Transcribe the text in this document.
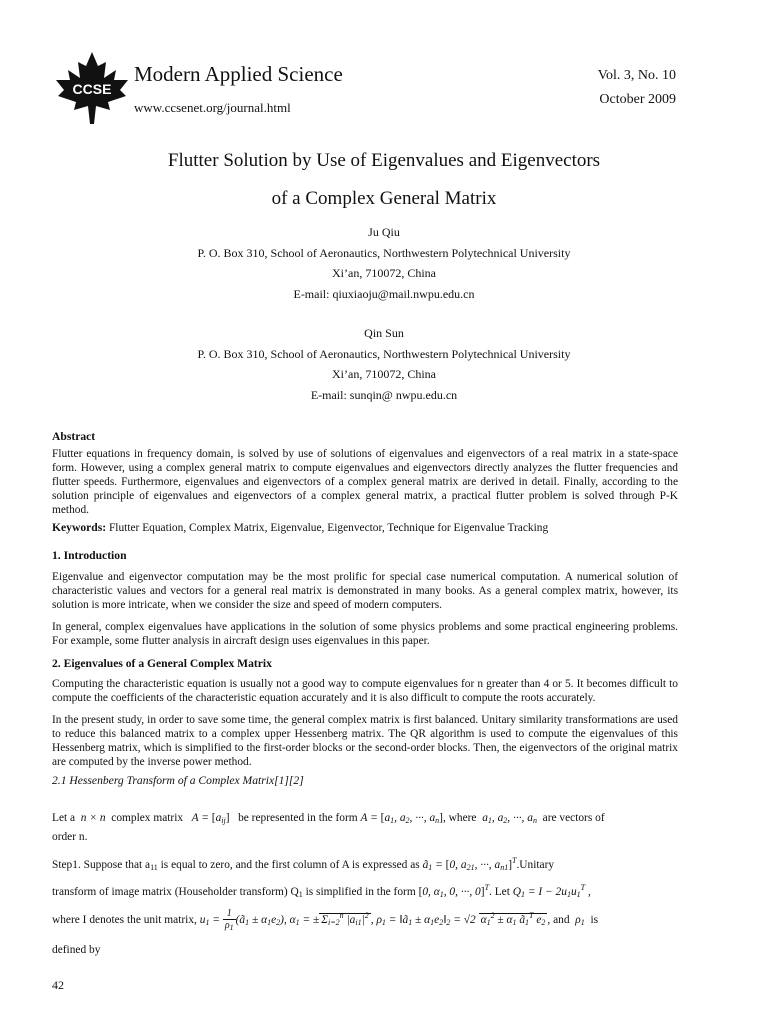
CCSE
Modern Applied Science
www.ccsenet.org/journal.html
Vol. 3, No. 10
October 2009
Flutter Solution by Use of Eigenvalues and Eigenvectors
of a Complex General Matrix
Ju Qiu
P. O. Box 310, School of Aeronautics, Northwestern Polytechnical University
Xi’an, 710072, China
E-mail: qiuxiaoju@mail.nwpu.edu.cn
Qin Sun
P. O. Box 310, School of Aeronautics, Northwestern Polytechnical University
Xi’an, 710072, China
E-mail: sunqin@ nwpu.edu.cn
Abstract

Flutter equations in frequency domain, is solved by use of solutions of eigenvalues and eigenvectors of a real matrix in a state-space form. However, using a complex general matrix to compute eigenvalues and eigenvectors directly analyzes the flutter frequencies and flutter speeds. Furthermore, eigenvalues and eigenvectors of a complex general matrix are derived in detail. Finally, according to the solution principle of eigenvalues and eigenvectors of a complex general matrix, a practical flutter problem is solved through P-K method.

Keywords: Flutter Equation, Complex Matrix, Eigenvalue, Eigenvector, Technique for Eigenvalue Tracking

1. Introduction

Eigenvalue and eigenvector computation may be the most prolific for special case numerical computation. A numerical solution of characteristic values and vectors for a general real matrix is demonstrated in many books. As a general complex matrix, however, its solution is more intricate, when we consider the size and speed of modern computers.

In general, complex eigenvalues have applications in the solution of some physics problems and some practical engineering problems. For example, some flutter analysis in aircraft design uses eigenvalues in this paper.

2. Eigenvalues of a General Complex Matrix

Computing the characteristic equation is usually not a good way to compute eigenvalues for n greater than 4 or 5. It becomes difficult to compute the coefficients of the characteristic equation accurately and it is also difficult to compute the roots accurately.

In the present study, in order to save some time, the general complex matrix is first balanced. Unitary similarity transformations are used to reduce this balanced matrix to a complex upper Hessenberg matrix. The QR algorithm is used to compute the eigenvalues of this Hessenberg matrix, which is simplified to the first-order blocks or the second-order blocks. Then, the eigenvectors of the original matrix are computed by the inverse power method.

2.1 Hessenberg Transform of a Complex Matrix[1][2]

Let a  n × n  complex matrix $A = [a_{ij}]$ be represented in the form $A = [a_1$, $a_2$, ···, $a_n$], where $a_1$, $a_2$, ···, $a_n$ are vectors of

order n.

Step1. Suppose that $a_{11}$ is equal to zero, and the first column of A is expressed as $ã_1 = [0$, $a_{21}$, ···, $a_{n1}]^T.Unitary$

transform of image matrix (Householder transform) $Q_1$ is simplified in the form [0, $\alpha_1$, 0, ···, 0]$^T$. Let $Q_1 = I - 2u_1u_1^T$ ,

where I denotes the unit matrix, $u_1 = \frac{1}{\rho_1}$ $(ã_1 \pm \alpha_1e_2)$, $\alpha_1$ = ± $\Sigma_{i=2}^n$ $|a_{i1}|^2$ , $\rho_1$ = $‖ã_1$ ± $\alpha_1e_2‖_2 = √2$ $\alpha_1^2 \pm \alpha_1$ $ã_1^T$ $e_2$ , and $\rho_1$ is

defined by

42
